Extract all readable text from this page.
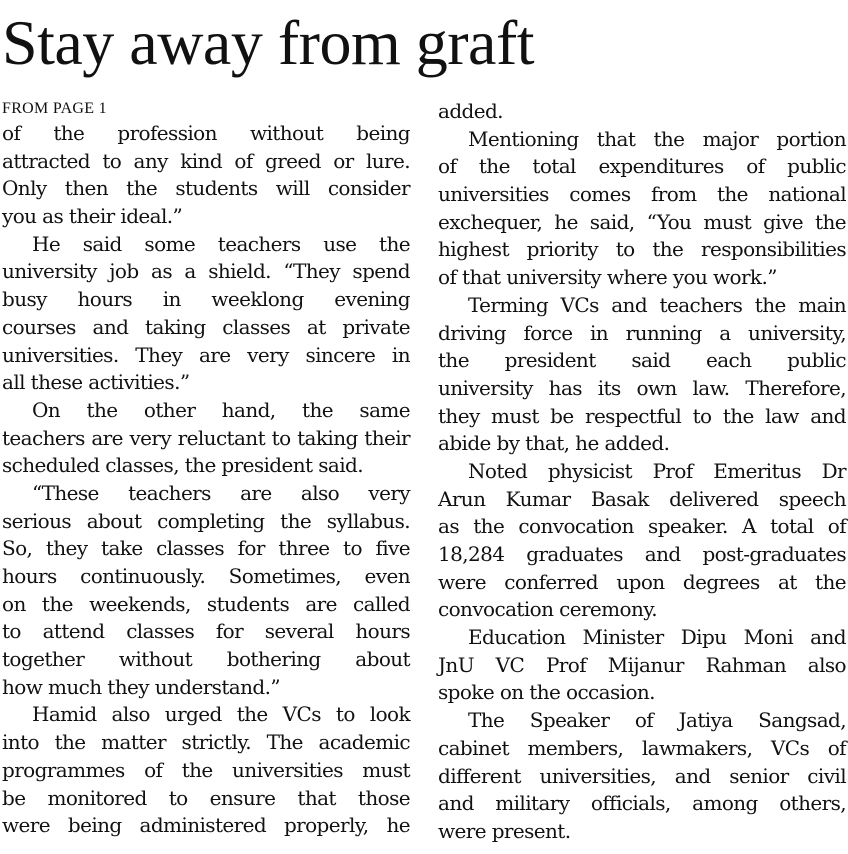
Stay away from graft
FROM PAGE 1
of the profession without being
attracted to any kind of greed or lure.
Only then the students will consider
you as their ideal.”
He said some teachers use the
university job as a shield. “They spend
busy hours in weeklong evening
courses and taking classes at private
universities. They are very sincere in
all these activities.”
On the other hand, the same
teachers are very reluctant to taking their
scheduled classes, the president said.
“These teachers are also very
serious about completing the syllabus.
So, they take classes for three to five
hours continuously. Sometimes, even
on the weekends, students are called
to attend classes for several hours
together without bothering about
how much they understand.”
Hamid also urged the VCs to look
into the matter strictly. The academic
programmes of the universities must
be monitored to ensure that those
were being administered properly, he
added.
Mentioning that the major portion
of the total expenditures of public
universities comes from the national
exchequer, he said, “You must give the
highest priority to the responsibilities
of that university where you work.”
Terming VCs and teachers the main
driving force in running a university,
the president said each public
university has its own law. Therefore,
they must be respectful to the law and
abide by that, he added.
Noted physicist Prof Emeritus Dr
Arun Kumar Basak delivered speech
as the convocation speaker. A total of
18,284 graduates and post-graduates
were conferred upon degrees at the
convocation ceremony.
Education Minister Dipu Moni and
JnU VC Prof Mijanur Rahman also
spoke on the occasion.
The Speaker of Jatiya Sangsad,
cabinet members, lawmakers, VCs of
different universities, and senior civil
and military officials, among others,
were present.
